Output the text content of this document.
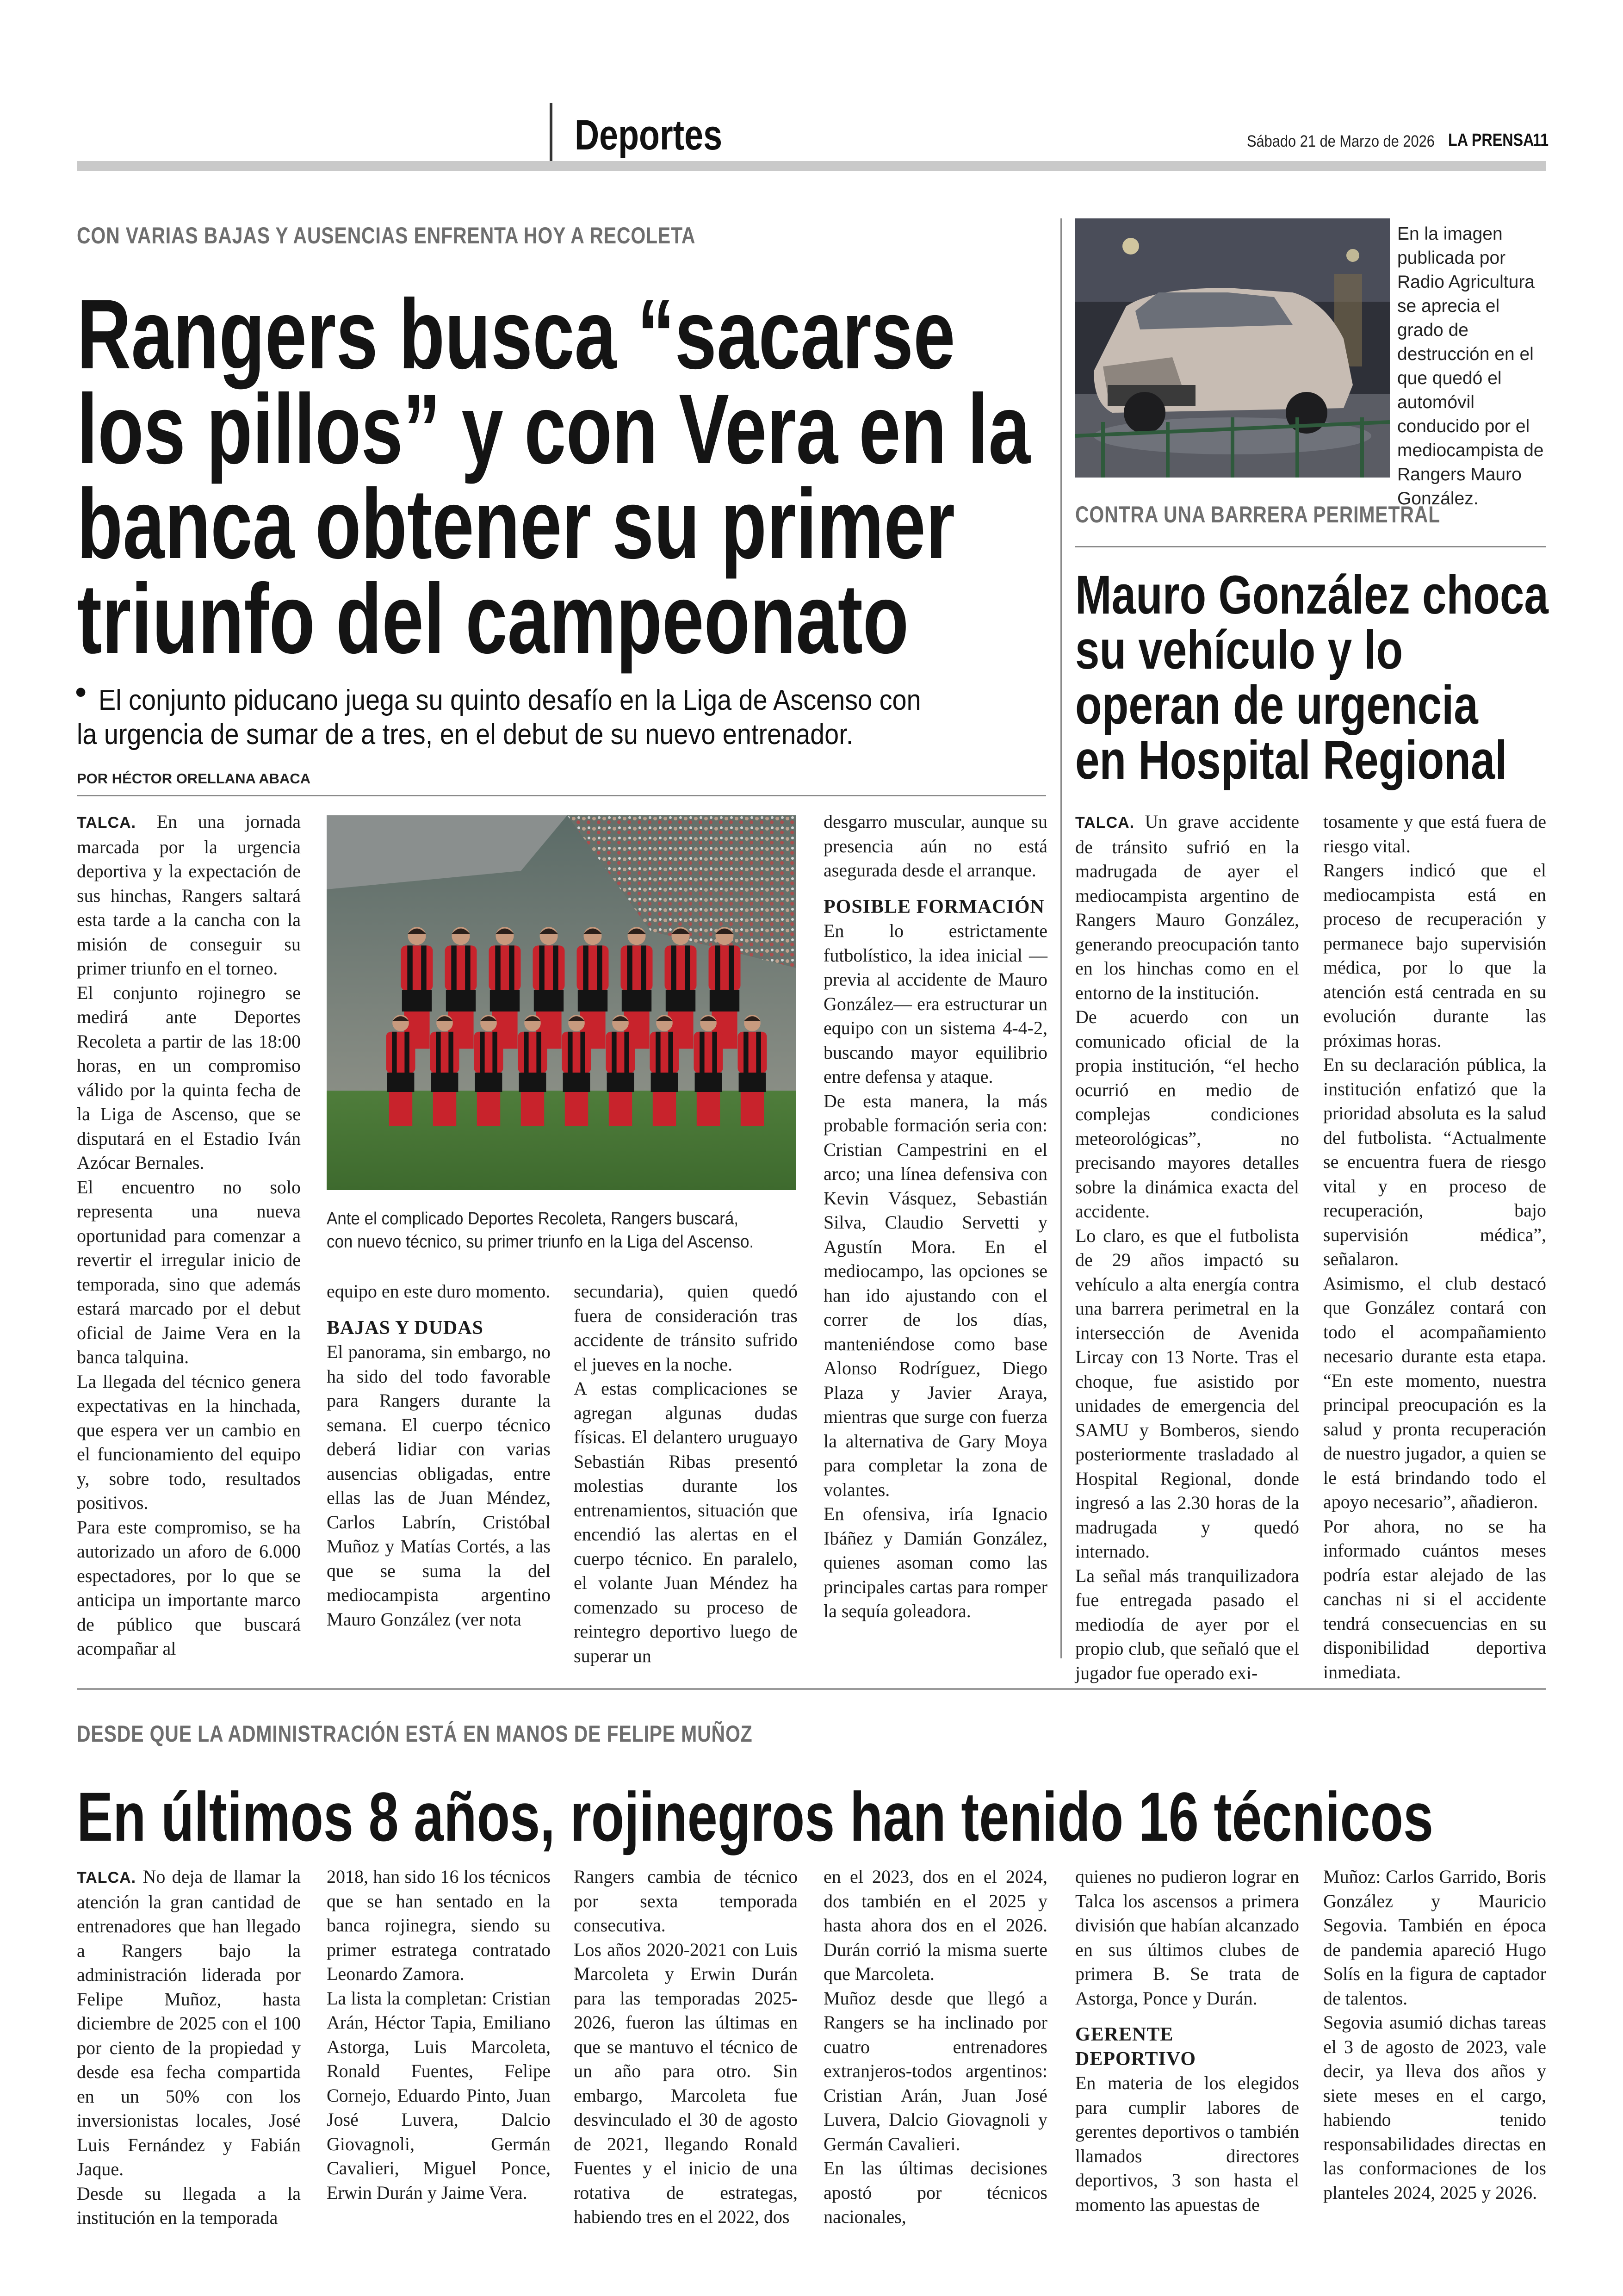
Deportes	Sábado 21 de Marzo de 2026 LA PRENSA
11
CON VARIAS BAJAS Y AUSENCIAS ENFRENTA HOY A RECOLETA
Rangers busca “sacarse
los pillos” y con Vera en la
banca obtener su primer
triunfo del campeonato
• El conjunto piducano juega su quinto desafío en la Liga de Ascenso con
la urgencia de sumar de a tres, en el debut de su nuevo entrenador.
POR HÉCTOR ORELLANA ABACA

TALCA. En una jornada marcada por la urgencia deportiva y la expectación de sus hinchas, Rangers saltará esta tarde a la cancha con la misión de conseguir su primer triunfo en el torneo.

El conjunto rojinegro se medirá ante Deportes Recoleta a partir de las 18:00 horas, en un compromiso válido por la quinta fecha de la Liga de Ascenso, que se disputará en el Estadio Iván Azócar Bernales.

El encuentro no solo representa una nueva oportunidad para comenzar a revertir el irregular inicio de temporada, sino que además estará marcado por el debut oficial de Jaime Vera en la banca talquina.

La llegada del técnico genera expectativas en la hinchada, que espera ver un cambio en el funcionamiento del equipo y, sobre todo, resultados positivos.

Para este compromiso, se ha autorizado un aforo de 6.000 espectadores, por lo que se anticipa un importante marco de público que buscará acompañar al

Ante el complicado Deportes Recoleta, Rangers buscará,
con nuevo técnico, su primer triunfo en la Liga del Ascenso.

equipo en este duro momento.

BAJAS Y DUDAS

El panorama, sin embargo, no ha sido del todo favorable para Rangers durante la semana. El cuerpo técnico deberá lidiar con varias ausencias obligadas, entre ellas las de Juan Méndez, Carlos Labrín, Cristóbal Muñoz y Matías Cortés, a las que se suma la del mediocampista argentino Mauro González (ver nota

secundaria), quien quedó fuera de consideración tras accidente de tránsito sufrido el jueves en la noche.

A estas complicaciones se agregan algunas dudas físicas. El delantero uruguayo Sebastián Ribas presentó molestias durante los entrenamientos, situación que encendió las alertas en el cuerpo técnico. En paralelo, el volante Juan Méndez ha comenzado su proceso de reintegro deportivo luego de superar un

desgarro muscular, aunque su presencia aún no está asegurada desde el arranque.

POSIBLE FORMACIÓN

En lo estrictamente futbolístico, la idea inicial —previa al accidente de Mauro González— era estructurar un equipo con un sistema 4-4-2, buscando mayor equilibrio entre defensa y ataque.

De esta manera, la más probable formación seria con: Cristian Campestrini en el arco; una línea defensiva con Kevin Vásquez, Sebastián Silva, Claudio Servetti y Agustín Mora. En el mediocampo, las opciones se han ido ajustando con el correr de los días, manteniéndose como base Alonso Rodríguez, Diego Plaza y Javier Araya, mientras que surge con fuerza la alternativa de Gary Moya para completar la zona de volantes.

En ofensiva, iría Ignacio Ibáñez y Damián González, quienes asoman como las principales cartas para romper la sequía goleadora.

En la imagen publicada por Radio Agricultura se aprecia el grado de destrucción en el que quedó el automóvil conducido por el mediocampista de Rangers Mauro González.
CONTRA UNA BARRERA PERIMETRAL
Mauro González choca
su vehículo y lo
operan de urgencia
en Hospital Regional

TALCA. Un grave accidente de tránsito sufrió en la madrugada de ayer el mediocampista argentino de Rangers Mauro González, generando preocupación tanto en los hinchas como en el entorno de la institución.

De acuerdo con un comunicado oficial de la propia institución, “el hecho ocurrió en medio de complejas condiciones meteorológicas”, no precisando mayores detalles sobre la dinámica exacta del accidente.

Lo claro, es que el futbolista de 29 años impactó su vehículo a alta energía contra una barrera perimetral en la intersección de Avenida Lircay con 13 Norte. Tras el choque, fue asistido por unidades de emergencia del SAMU y Bomberos, siendo posteriormente trasladado al Hospital Regional, donde ingresó a las 2.30 horas de la madrugada y quedó internado.

La señal más tranquilizadora fue entregada pasado el mediodía de ayer por el propio club, que señaló que el jugador fue operado exi-

tosamente y que está fuera de riesgo vital.

Rangers indicó que el mediocampista está en proceso de recuperación y permanece bajo supervisión médica, por lo que la atención está centrada en su evolución durante las próximas horas.

En su declaración pública, la institución enfatizó que la prioridad absoluta es la salud del futbolista. “Actualmente se encuentra fuera de riesgo vital y en proceso de recuperación, bajo supervisión médica”, señalaron.

Asimismo, el club destacó que González contará con todo el acompañamiento necesario durante esta etapa. “En este momento, nuestra principal preocupación es la salud y pronta recuperación de nuestro jugador, a quien se le está brindando todo el apoyo necesario”, añadieron.

Por ahora, no se ha informado cuántos meses podría estar alejado de las canchas ni si el accidente tendrá consecuencias en su disponibilidad deportiva inmediata.

DESDE QUE LA ADMINISTRACIÓN ESTÁ EN MANOS DE FELIPE MUÑOZ
En últimos 8 años, rojinegros han tenido 16 técnicos

TALCA. No deja de llamar la atención la gran cantidad de entrenadores que han llegado a Rangers bajo la administración liderada por Felipe Muñoz, hasta diciembre de 2025 con el 100 por ciento de la propiedad y desde esa fecha compartida en un 50% con los inversionistas locales, José Luis Fernández y Fabián Jaque.

Desde su llegada a la institución en la temporada

2018, han sido 16 los técnicos que se han sentado en la banca rojinegra, siendo su primer estratega contratado Leonardo Zamora.

La lista la completan: Cristian Arán, Héctor Tapia, Emiliano Astorga, Luis Marcoleta, Ronald Fuentes, Felipe Cornejo, Eduardo Pinto, Juan José Luvera, Dalcio Giovagnoli, Germán Cavalieri, Miguel Ponce, Erwin Durán y Jaime Vera.

Rangers cambia de técnico por sexta temporada consecutiva.

Los años 2020-2021 con Luis Marcoleta y Erwin Durán para las temporadas 2025-2026, fueron las últimas en que se mantuvo el técnico de un año para otro. Sin embargo, Marcoleta fue desvinculado el 30 de agosto de 2021, llegando Ronald Fuentes y el inicio de una rotativa de estrategas, habiendo tres en el 2022, dos

en el 2023, dos en el 2024, dos también en el 2025 y hasta ahora dos en el 2026. Durán corrió la misma suerte que Marcoleta.

Muñoz desde que llegó a Rangers se ha inclinado por cuatro entrenadores extranjeros-todos argentinos: Cristian Arán, Juan José Luvera, Dalcio Giovagnoli y Germán Cavalieri.

En las últimas decisiones apostó por técnicos nacionales,

quienes no pudieron lograr en Talca los ascensos a primera división que habían alcanzado en sus últimos clubes de primera B. Se trata de Astorga, Ponce y Durán.

GERENTE DEPORTIVO

En materia de los elegidos para cumplir labores de gerentes deportivos o también llamados directores deportivos, 3 son hasta el momento las apuestas de

Muñoz: Carlos Garrido, Boris González y Mauricio Segovia. También en época de pandemia apareció Hugo Solís en la figura de captador de talentos.

Segovia asumió dichas tareas el 3 de agosto de 2023, vale decir, ya lleva dos años y siete meses en el cargo, habiendo tenido responsabilidades directas en las conformaciones de los planteles 2024, 2025 y 2026.
